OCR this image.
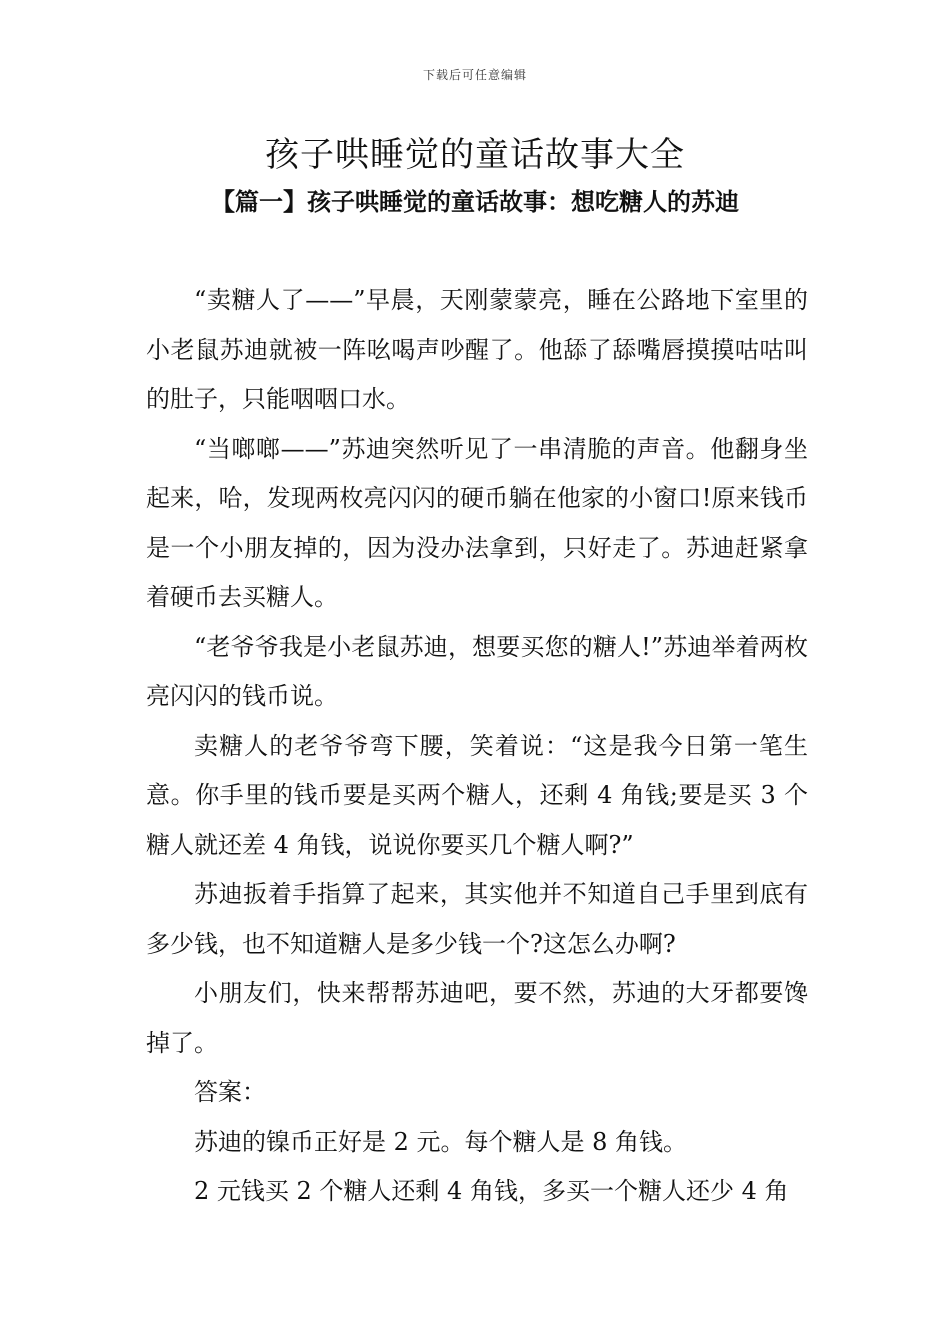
下载后可任意编辑
孩子哄睡觉的童话故事大全
【篇一】孩子哄睡觉的童话故事：想吃糖人的苏迪

“卖糖人了——”早晨，天刚蒙蒙亮，睡在公路地下室里的小老鼠苏迪就被一阵吆喝声吵醒了。他舔了舔嘴唇摸摸咕咕叫的肚子，只能咽咽口水。

“当啷啷——”苏迪突然听见了一串清脆的声音。他翻身坐起来，哈，发现两枚亮闪闪的硬币躺在他家的小窗口!原来钱币是一个小朋友掉的，因为没办法拿到，只好走了。苏迪赶紧拿着硬币去买糖人。

“老爷爷我是小老鼠苏迪，想要买您的糖人!”苏迪举着两枚亮闪闪的钱币说。

卖糖人的老爷爷弯下腰，笑着说：“这是我今日第一笔生意。你手里的钱币要是买两个糖人，还剩 4 角钱;要是买 3 个糖人就还差 4 角钱，说说你要买几个糖人啊?”

苏迪扳着手指算了起来，其实他并不知道自己手里到底有多少钱，也不知道糖人是多少钱一个?这怎么办啊?

小朋友们，快来帮帮苏迪吧，要不然，苏迪的大牙都要馋掉了。

答案：

苏迪的镍币正好是 2 元。每个糖人是 8 角钱。

2 元钱买 2 个糖人还剩 4 角钱，多买一个糖人还少 4 角
